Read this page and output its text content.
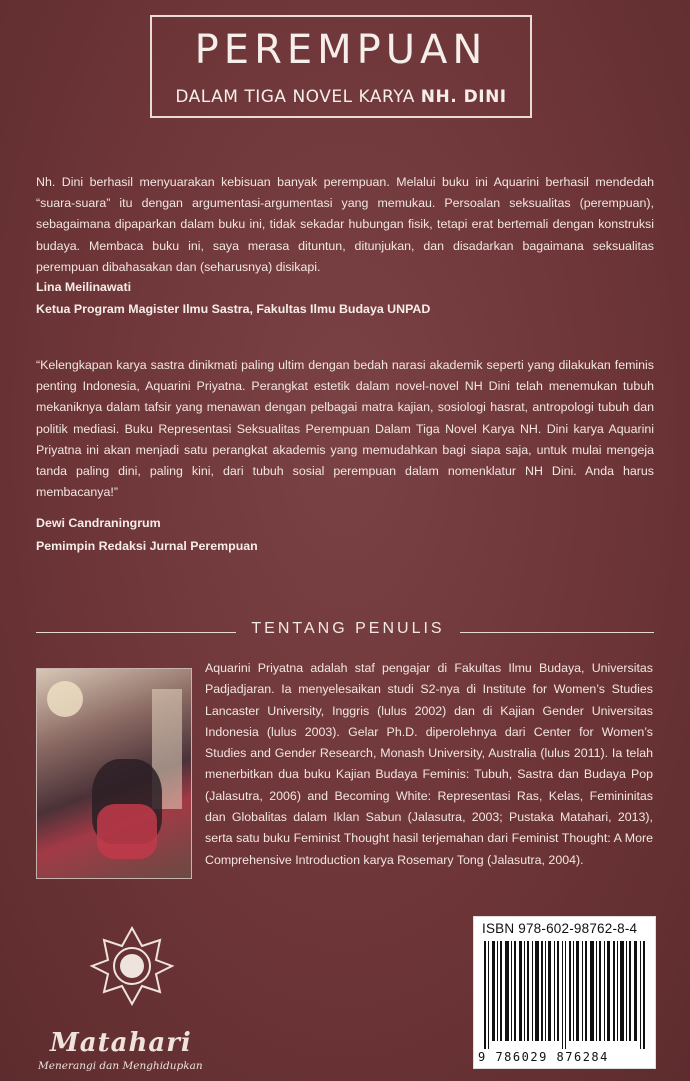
PEREMPUAN
DALAM TIGA NOVEL KARYA NH. DINI
Nh. Dini berhasil menyuarakan kebisuan banyak perempuan. Melalui buku ini Aquarini berhasil mendedah “suara-suara” itu dengan argumentasi-argumentasi yang memukau. Persoalan seksualitas (perempuan), sebagaimana dipaparkan dalam buku ini, tidak sekadar hubungan fisik, tetapi erat bertemali dengan konstruksi budaya. Membaca buku ini, saya merasa dituntun, ditunjukan, dan disadarkan bagaimana seksualitas perempuan dibahasakan dan (seharusnya) disikapi.
Lina Meilinawati
Ketua Program Magister Ilmu Sastra, Fakultas Ilmu Budaya UNPAD
“Kelengkapan karya sastra dinikmati paling ultim dengan bedah narasi akademik seperti yang dilakukan feminis penting Indonesia, Aquarini Priyatna. Perangkat estetik dalam novel-novel NH Dini telah menemukan tubuh mekaniknya dalam tafsir yang menawan dengan pelbagai matra kajian, sosiologi hasrat, antropologi tubuh dan politik mediasi. Buku Representasi Seksualitas Perempuan Dalam Tiga Novel Karya NH. Dini karya Aquarini Priyatna ini akan menjadi satu perangkat akademis yang memudahkan bagi siapa saja, untuk mulai mengeja tanda paling dini, paling kini, dari tubuh sosial perempuan dalam nomenklatur NH Dini. Anda harus membacanya!”
Dewi Candraningrum
Pemimpin Redaksi Jurnal Perempuan
TENTANG PENULIS
Aquarini Priyatna adalah staf pengajar di Fakultas Ilmu Budaya, Universitas Padjadjaran. Ia menyelesaikan studi S2-nya di Institute for Women’s Studies Lancaster University, Inggris (lulus 2002) dan di Kajian Gender Universitas Indonesia (lulus 2003). Gelar Ph.D. diperolehnya dari Center for Women’s Studies and Gender Research, Monash University, Australia (lulus 2011). Ia telah menerbitkan dua buku Kajian Budaya Feminis: Tubuh, Sastra dan Budaya Pop (Jalasutra, 2006) and Becoming White: Representasi Ras, Kelas, Femininitas dan Globalitas dalam Iklan Sabun (Jalasutra, 2003; Pustaka Matahari, 2013), serta satu buku Feminist Thought hasil terjemahan dari Feminist Thought: A More Comprehensive Introduction karya Rosemary Tong (Jalasutra, 2004).
Matahari
Menerangi dan Menghidupkan
ISBN 978-602-98762-8-4
9 786029 876284
